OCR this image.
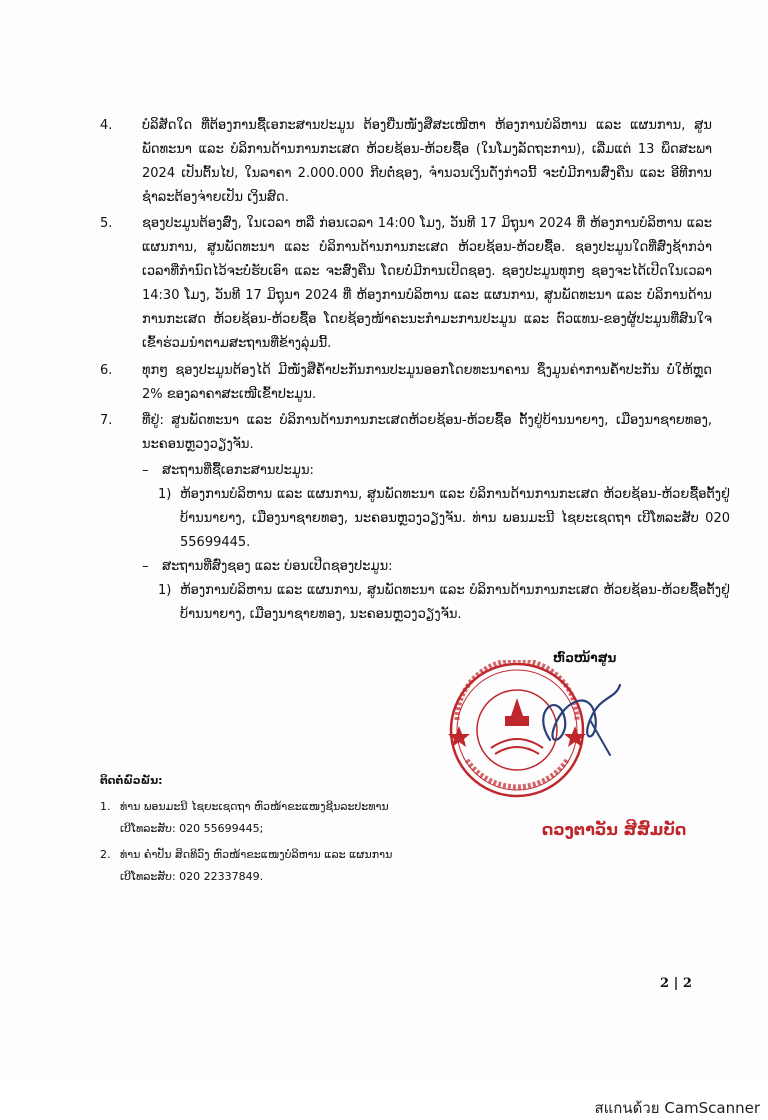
4. ບໍລິສັດໃດ ທີ່ຕ້ອງການຊື້ເອກະສານປະມູນ ຕ້ອງຍື່ນໜັງສືສະເໜີຫາ ຫ້ອງການບໍລິຫານ ແລະ ແຜນການ, ສູນພັດທະນາ ແລະ ບໍລິການດ້ານການກະເສດ ຫ້ວຍຊ້ອນ-ຫ້ວຍຊື້ອ (ໃນໂມງລັດຖະການ), ເລີ່ມແຕ່ 13 ພຶດສະພາ 2024 ເປັນຕົ້ນໄປ, ໃນລາຄາ 2.000.000 ກີບຕໍ່ຊອງ, ຈຳນວນເງິນດັ່ງກ່າວນີ້ ຈະບໍ່ມີການສົ່ງຄືນ ແລະ ອີທີການຊຳລະຕ້ອງຈ່າຍເປັນ ເງິນສົດ.
5. ຊອງປະມູນຕ້ອງສົ່ງ, ໃນເວລາ ຫລື ກ່ອນເວລາ 14:00 ໂມງ, ວັນທີ 17 ມິຖຸນາ 2024 ທີ່ ຫ້ອງການບໍລິຫານ ແລະ ແຜນການ, ສູນພັດທະນາ ແລະ ບໍລິການດ້ານການກະເສດ ຫ້ວຍຊ້ອນ-ຫ້ວຍຊື້ອ. ຊອງປະມູນໃດທີ່ສົ່ງຊ້າກວ່າເວລາທີ່ກຳນົດໄວ້ຈະບໍ່ຮັບເອົາ ແລະ ຈະສົ່ງຄືນ ໂດຍບໍ່ມີການເປີດຊອງ. ຊອງປະມູນທຸກໆ ຊອງຈະໄດ້ເປີດໃນເວລາ 14:30 ໂມງ, ວັນທີ 17 ມິຖຸນາ 2024 ທີ່ ຫ້ອງການບໍລິຫານ ແລະ ແຜນການ, ສູນພັດທະນາ ແລະ ບໍລິການດ້ານການກະເສດ ຫ້ວຍຊ້ອນ-ຫ້ວຍຊື້ອ ໂດຍຊ້ອງໜ້າຄະນະກຳມະການປະມູນ ແລະ ຕົວແທນ-ຂອງຜູ້ປະມູນທີ່ສົນໃຈເຂົ້າຮ່ວມນຳຕາມສະຖານທີ່ຂ້າງລຸ່ມນີ້.
6. ທຸກໆ ຊອງປະມູນຕ້ອງໄດ້ ມີໜັງສືຄ້ຳປະກັນການປະມູນອອກໂດຍທະນາຄານ ຊຶ່ງມູນຄ່າການຄ້ຳປະກັນ ບໍ່ໃຫ້ຫຼຸດ 2% ຂອງລາຄາສະເໜີເຂົ້າປະມູນ.
7. ທີ່ຢູ່: ສູນພັດທະນາ ແລະ ບໍລິການດ້ານການກະເສດຫ້ວຍຊ້ອນ-ຫ້ວຍຊື້ອ ຕັ້ງຢູ່ບ້ານນາຍາງ, ເມືອງນາຊາຍທອງ, ນະຄອນຫຼວງວຽງຈັນ.
– ສະຖານທີ່ຊື້ເອກະສານປະມູນ:
1) ຫ້ອງການບໍລິຫານ ແລະ ແຜນການ, ສູນພັດທະນາ ແລະ ບໍລິການດ້ານການກະເສດ ຫ້ວຍຊ້ອນ-ຫ້ວຍຊື້ອຕັ້ງຢູ່ບ້ານນາຍາງ, ເມືອງນາຊາຍທອງ, ນະຄອນຫຼວງວຽງຈັນ. ທ່ານ ພອນມະນີ ໄຊຍະເຊດຖາ ເບີໂທລະສັບ 020 55699445.
– ສະຖານທີ່ສົ່ງຊອງ ແລະ ບ່ອນເປີດຊອງປະມູນ:
1) ຫ້ອງການບໍລິຫານ ແລະ ແຜນການ, ສູນພັດທະນາ ແລະ ບໍລິການດ້ານການກະເສດ ຫ້ວຍຊ້ອນ-ຫ້ວຍຊື້ອຕັ້ງຢູ່ບ້ານນາຍາງ, ເມືອງນາຊາຍທອງ, ນະຄອນຫຼວງວຽງຈັນ.
ຫົວໜ້າສູນ
ດວງຕາວັນ ສີສົມບັດ
ຕິດຕໍ່ພົວພັນ:
1. ທ່ານ ພອນມະນີ ໄຊຍະເຊດຖາ ຫົວໜ້າຂະແໜງຊີນລະປະທານ
ເບີໂທລະສັບ: 020 55699445;
2. ທ່ານ ຄຳປັນ ສິດທິວົງ ຫົວໜ້າຂະແໜງບໍລິຫານ ແລະ ແຜນການ
ເບີໂທລະສັບ: 020 22337849.
2 | 2
สแกนด้วย CamScanner
